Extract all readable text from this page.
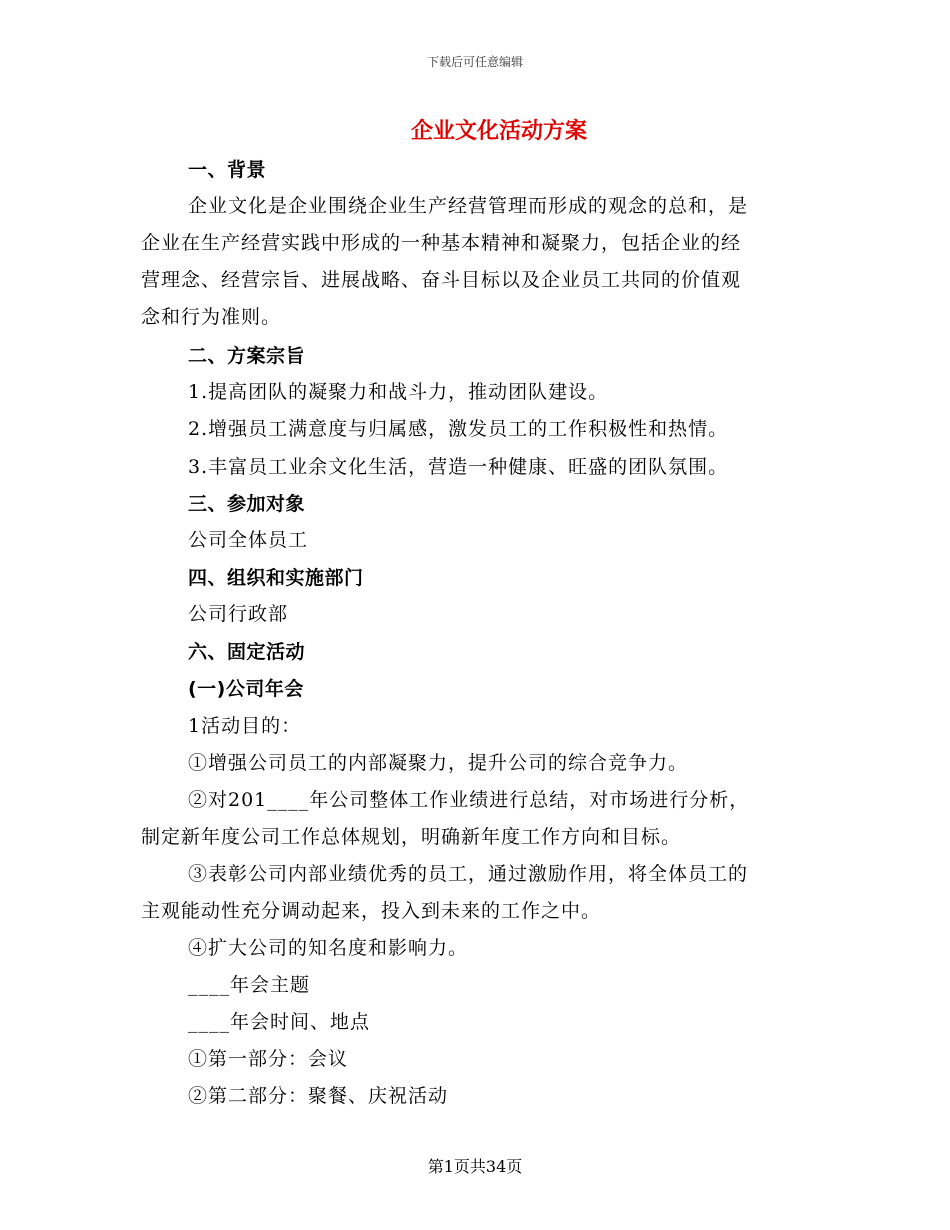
下载后可任意编辑
企业文化活动方案
一、背景
企业文化是企业围绕企业生产经营管理而形成的观念的总和，是
企业在生产经营实践中形成的一种基本精神和凝聚力，包括企业的经
营理念、经营宗旨、进展战略、奋斗目标以及企业员工共同的价值观
念和行为准则。
二、方案宗旨
1.提高团队的凝聚力和战斗力，推动团队建设。
2.增强员工满意度与归属感，激发员工的工作积极性和热情。
3.丰富员工业余文化生活，营造一种健康、旺盛的团队氛围。
三、参加对象
公司全体员工
四、组织和实施部门
公司行政部
六、固定活动
(一)公司年会
1活动目的：
①增强公司员工的内部凝聚力，提升公司的综合竞争力。
②对201____年公司整体工作业绩进行总结，对市场进行分析，
制定新年度公司工作总体规划，明确新年度工作方向和目标。
③表彰公司内部业绩优秀的员工，通过激励作用，将全体员工的
主观能动性充分调动起来，投入到未来的工作之中。
④扩大公司的知名度和影响力。
____年会主题
____年会时间、地点
①第一部分：会议
②第二部分：聚餐、庆祝活动
第1页共34页
